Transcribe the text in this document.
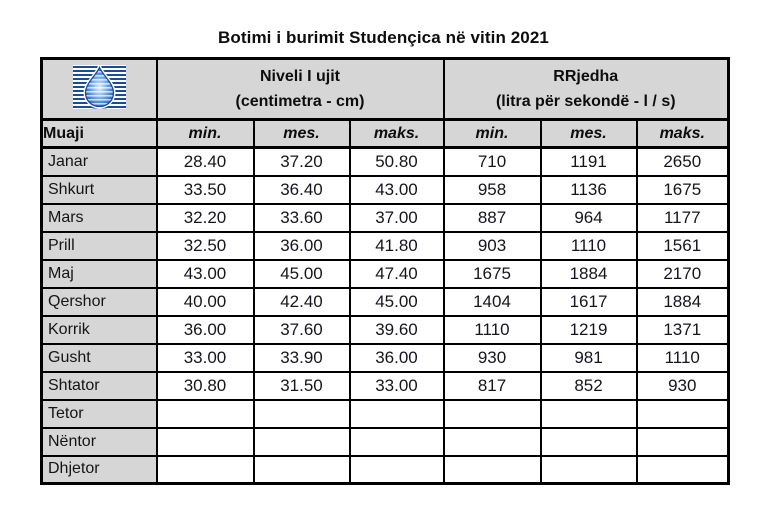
Botimi i burimit Studençica në vitin 2021

Niveli I ujit
(centimetra - cm)

RRjedha
(litra për sekondë - l / s)

Muaji	min.	mes.	maks.	min.	mes.	maks.
Janar	28.40	37.20	50.80	710	1191	2650
Shkurt	33.50	36.40	43.00	958	1136	1675
Mars	32.20	33.60	37.00	887	964	1177
Prill	32.50	36.00	41.80	903	1110	1561
Maj	43.00	45.00	47.40	1675	1884	2170
Qershor	40.00	42.40	45.00	1404	1617	1884
Korrik	36.00	37.60	39.60	1110	1219	1371
Gusht	33.00	33.90	36.00	930	981	1110
Shtator	30.80	31.50	33.00	817	852	930
Tetor						
Nëntor						
Dhjetor						
